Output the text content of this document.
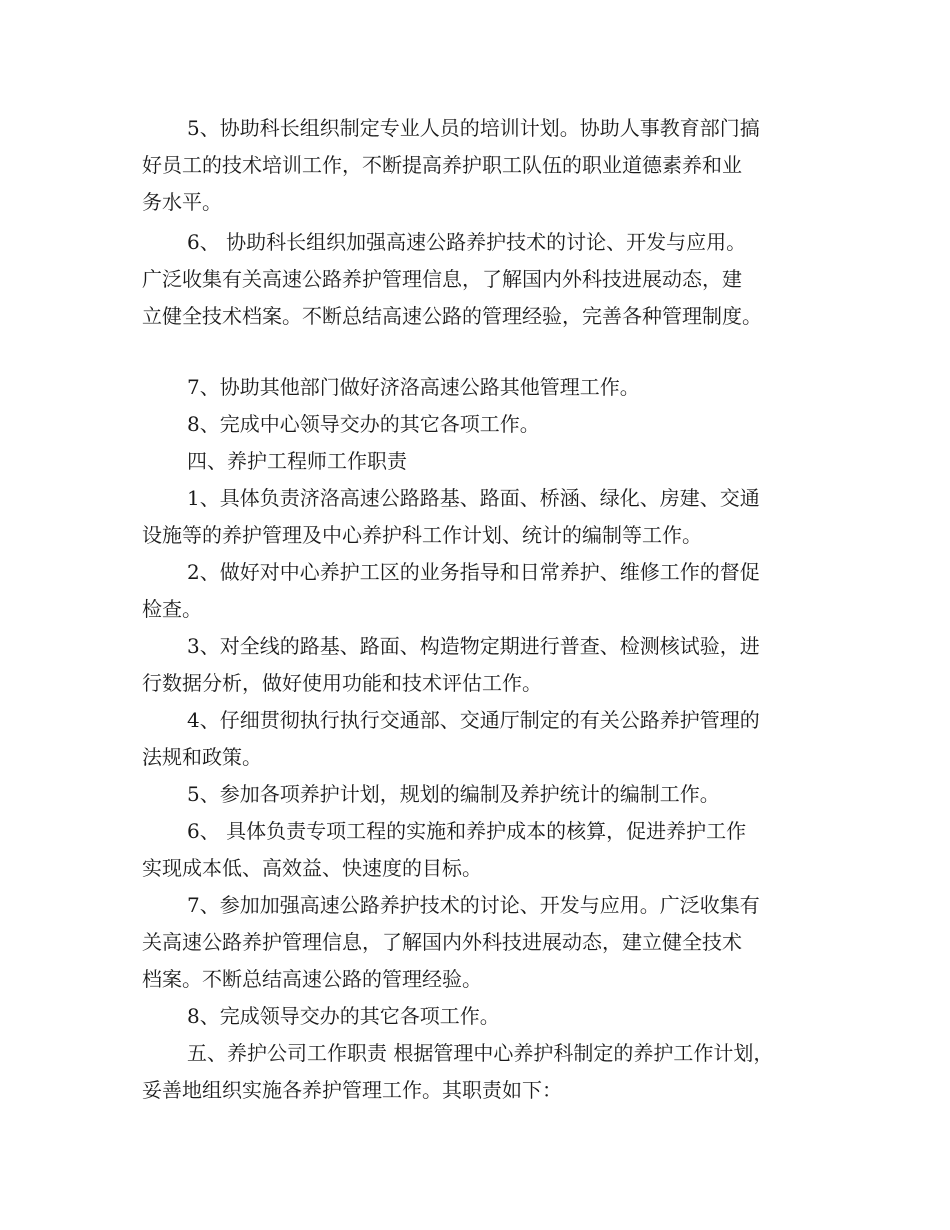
5、协助科长组织制定专业人员的培训计划。协助人事教育部门搞
好员工的技术培训工作，不断提高养护职工队伍的职业道德素养和业
务水平。
6、 协助科长组织加强高速公路养护技术的讨论、开发与应用。
广泛收集有关高速公路养护管理信息，了解国内外科技进展动态，建
立健全技术档案。不断总结高速公路的管理经验，完善各种管理制度。
7、协助其他部门做好济洛高速公路其他管理工作。
8、完成中心领导交办的其它各项工作。
四、养护工程师工作职责
1、具体负责济洛高速公路路基、路面、桥涵、绿化、房建、交通
设施等的养护管理及中心养护科工作计划、统计的编制等工作。
2、做好对中心养护工区的业务指导和日常养护、维修工作的督促
检查。
3、对全线的路基、路面、构造物定期进行普查、检测核试验，进
行数据分析，做好使用功能和技术评估工作。
4、仔细贯彻执行执行交通部、交通厅制定的有关公路养护管理的
法规和政策。
5、参加各项养护计划，规划的编制及养护统计的编制工作。
6、 具体负责专项工程的实施和养护成本的核算，促进养护工作
实现成本低、高效益、快速度的目标。
7、参加加强高速公路养护技术的讨论、开发与应用。广泛收集有
关高速公路养护管理信息，了解国内外科技进展动态，建立健全技术
档案。不断总结高速公路的管理经验。
8、完成领导交办的其它各项工作。
五、养护公司工作职责 根据管理中心养护科制定的养护工作计划，
妥善地组织实施各养护管理工作。其职责如下：
